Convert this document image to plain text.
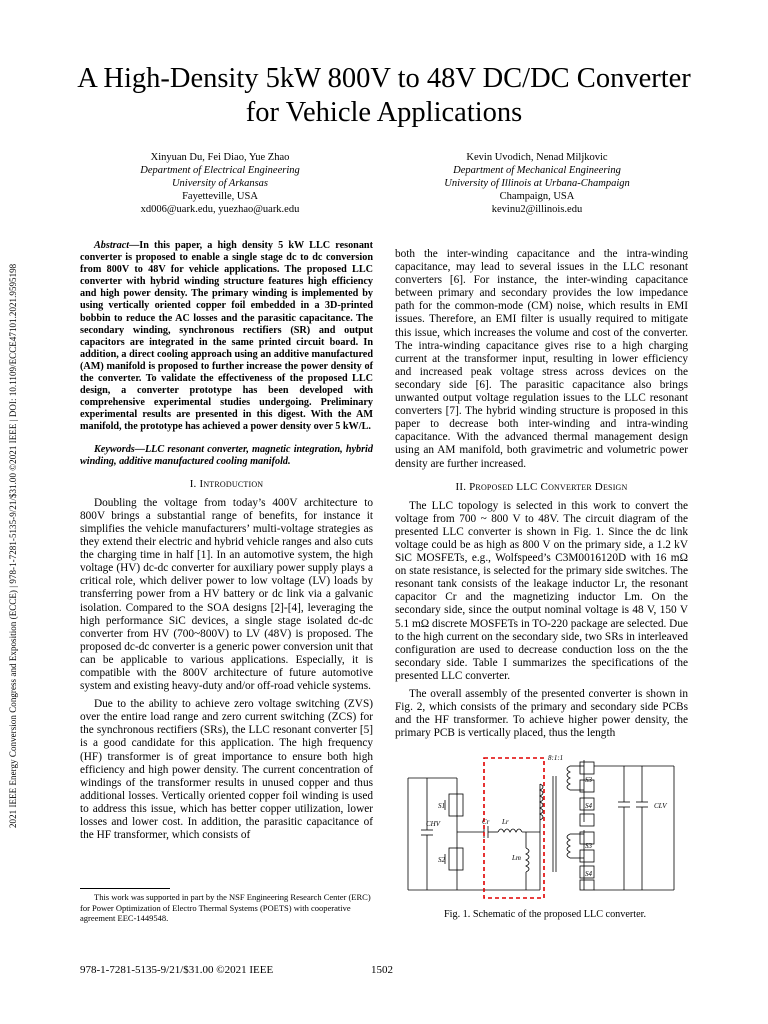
2021 IEEE Energy Conversion Congress and Exposition (ECCE) | 978-1-7281-5135-9/21/$31.00 ©2021 IEEE | DOI: 10.1109/ECCE47101.2021.9595198
A High-Density 5kW 800V to 48V DC/DC Converter for Vehicle Applications
Xinyuan Du, Fei Diao, Yue Zhao
Department of Electrical Engineering
University of Arkansas
Fayetteville, USA
xd006@uark.edu, yuezhao@uark.edu
Kevin Uvodich, Nenad Miljkovic
Department of Mechanical Engineering
University of Illinois at Urbana-Champaign
Champaign, USA
kevinu2@illinois.edu

Abstract—In this paper, a high density 5 kW LLC resonant converter is proposed to enable a single stage dc to dc conversion from 800V to 48V for vehicle applications. The proposed LLC converter with hybrid winding structure features high efficiency and high power density. The primary winding is implemented by using vertically oriented copper foil embedded in a 3D-printed bobbin to reduce the AC losses and the parasitic capacitance. The secondary winding, synchronous rectifiers (SR) and output capacitors are integrated in the same printed circuit board. In addition, a direct cooling approach using an additive manufactured (AM) manifold is proposed to further increase the power density of the converter. To validate the effectiveness of the proposed LLC design, a converter prototype has been developed with comprehensive experimental studies undergoing. Preliminary experimental results are presented in this digest. With the AM manifold, the prototype has achieved a power density over 5 kW/L.

Keywords—LLC resonant converter, magnetic integration, hybrid winding, additive manufactured cooling manifold.

I. Introduction

Doubling the voltage from today’s 400V architecture to 800V brings a substantial range of benefits, for instance it simplifies the vehicle manufacturers’ multi-voltage strategies as they extend their electric and hybrid vehicle ranges and also cuts the charging time in half [1]. In an automotive system, the high voltage (HV) dc-dc converter for auxiliary power supply plays a critical role, which deliver power to low voltage (LV) loads by transferring power from a HV battery or dc link via a galvanic isolation. Compared to the SOA designs [2]-[4], leveraging the high performance SiC devices, a single stage isolated dc-dc converter from HV (700~800V) to LV (48V) is proposed. The proposed dc-dc converter is a generic power conversion unit that can be applicable to various applications. Especially, it is compatible with the 800V architecture of future automotive system and existing heavy-duty and/or off-road vehicle systems.

Due to the ability to achieve zero voltage switching (ZVS) over the entire load range and zero current switching (ZCS) for the synchronous rectifiers (SRs), the LLC resonant converter [5] is a good candidate for this application. The high frequency (HF) transformer is of great importance to ensure both high efficiency and high power density. The current concentration of windings of the transformer results in unused copper and thus additional losses. Vertically oriented copper foil winding is used to address this issue, which has better copper utilization, lower losses and lower cost. In addition, the parasitic capacitance of the HF transformer, which consists of

This work was supported in part by the NSF Engineering Research Center (ERC) for Power Optimization of Electro Thermal Systems (POETS) with cooperative agreement EEC-1449548.

both the inter-winding capacitance and the intra-winding capacitance, may lead to several issues in the LLC resonant converters [6]. For instance, the inter-winding capacitance between primary and secondary provides the low impedance path for the common-mode (CM) noise, which results in EMI issues. Therefore, an EMI filter is usually required to mitigate this issue, which increases the volume and cost of the converter. The intra-winding capacitance gives rise to a high charging current at the transformer input, resulting in lower efficiency and increased peak voltage stress across devices on the secondary side [6]. The parasitic capacitance also brings unwanted output voltage regulation issues to the LLC resonant converters [7]. The hybrid winding structure is proposed in this paper to decrease both inter-winding and intra-winding capacitance. With the advanced thermal management design using an AM manifold, both gravimetric and volumetric power density are further increased.

II. Proposed LLC Converter Design

The LLC topology is selected in this work to convert the voltage from 700 ~ 800 V to 48V. The circuit diagram of the presented LLC converter is shown in Fig. 1. Since the dc link voltage could be as high as 800 V on the primary side, a 1.2 kV SiC MOSFETs, e.g., Wolfspeed’s C3M0016120D with 16 mΩ on state resistance, is selected for the primary side switches. The resonant tank consists of the leakage inductor Lr, the resonant capacitor Cr and the magnetizing inductor Lm. On the secondary side, since the output nominal voltage is 48 V, 150 V 5.1 mΩ discrete MOSFETs in TO-220 package are selected. Due to the high current on the secondary side, two SRs in interleaved configuration are used to decrease conduction loss on the the secondary side. Table I summarizes the specifications of the presented LLC converter.

The overall assembly of the presented converter is shown in Fig. 2, which consists of the primary and secondary side PCBs and the HF transformer. To achieve higher power density, the primary PCB is vertically placed, thus the length

S1
S2
CHV	Cr Lr
Lm
8:1:1
S3
S4
S3
S4
CLV
Fig. 1. Schematic of the proposed LLC converter.
978-1-7281-5135-9/21/$31.00 ©2021 IEEE	1502
